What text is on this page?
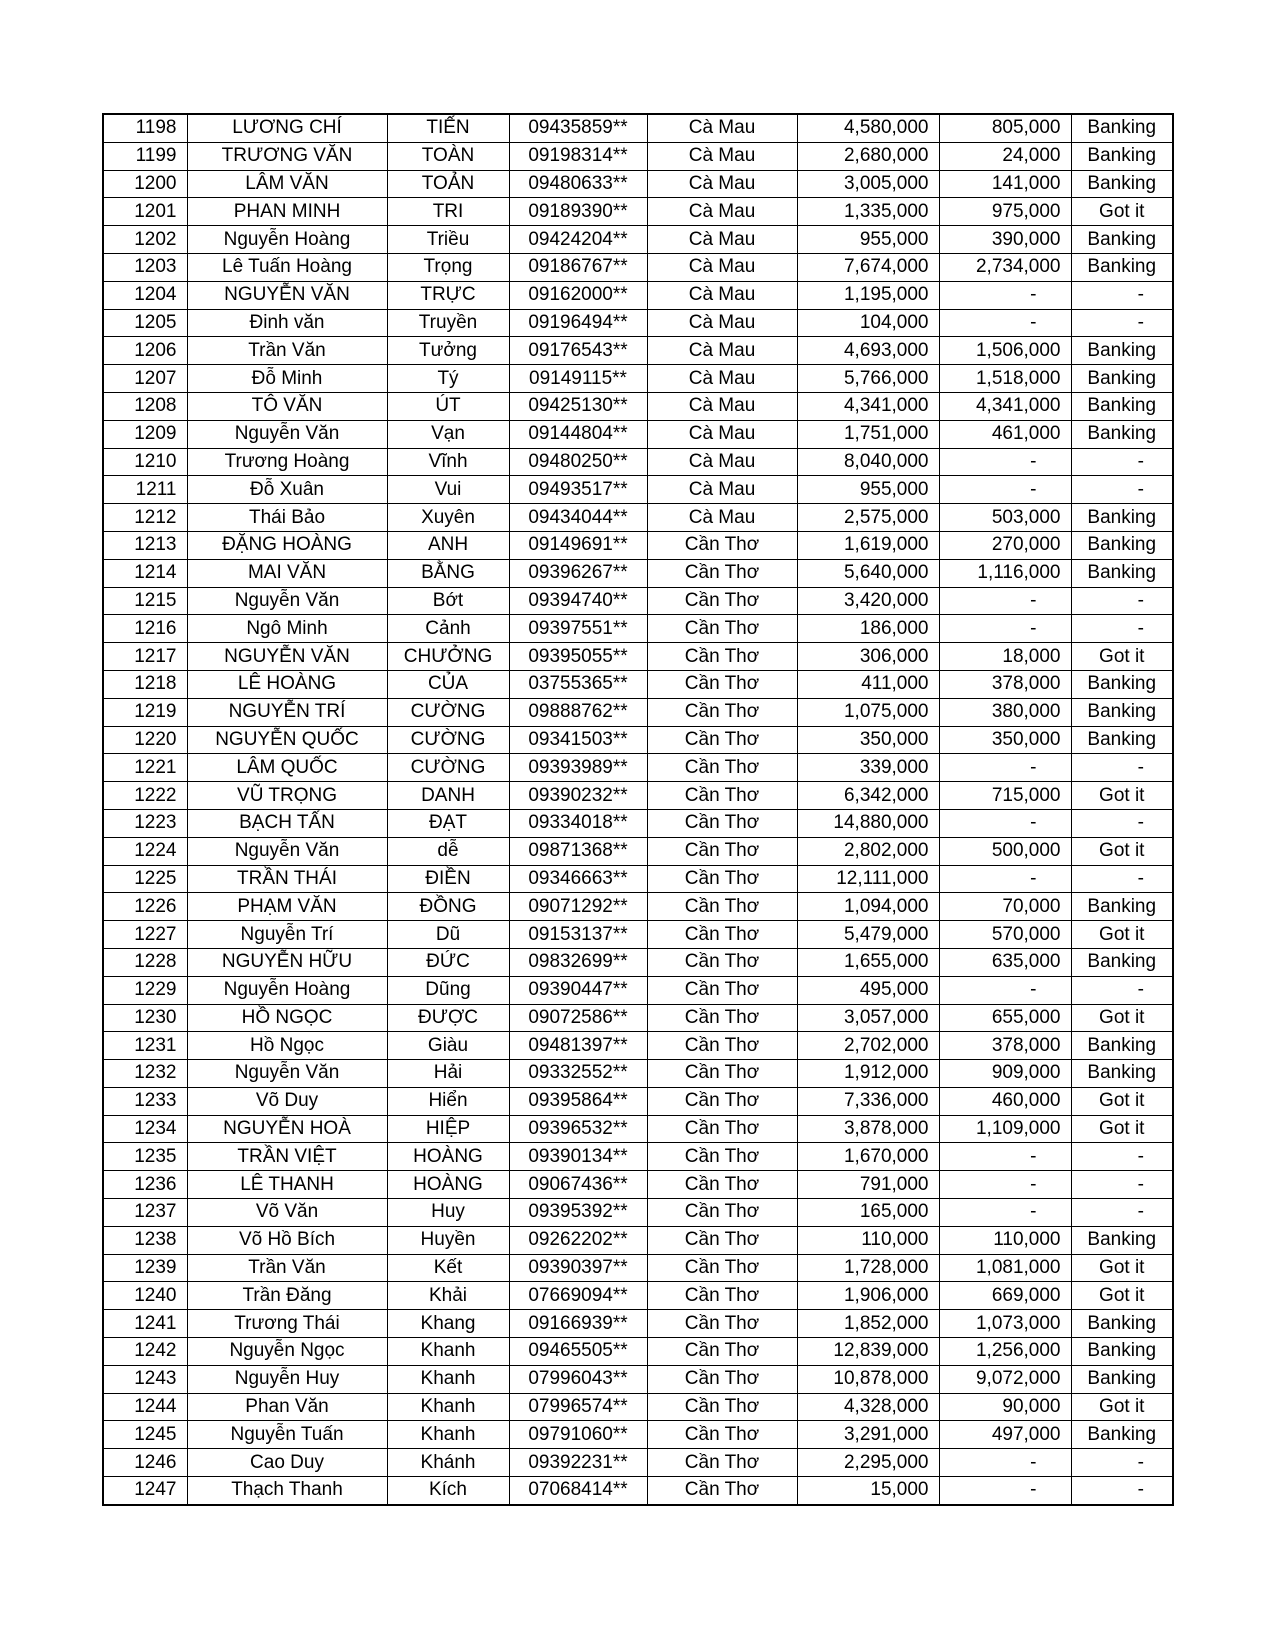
1198	LƯƠNG CHÍ	TIẾN	09435859**	Cà Mau	4,580,000	805,000	Banking
1199	TRƯƠNG VĂN	TOÀN	09198314**	Cà Mau	2,680,000	24,000	Banking
1200	LÂM VĂN	TOẢN	09480633**	Cà Mau	3,005,000	141,000	Banking
1201	PHAN MINH	TRI	09189390**	Cà Mau	1,335,000	975,000	Got it
1202	Nguyễn Hoàng	Triều	09424204**	Cà Mau	955,000	390,000	Banking
1203	Lê Tuấn Hoàng	Trọng	09186767**	Cà Mau	7,674,000	2,734,000	Banking
1204	NGUYỄN VĂN	TRỰC	09162000**	Cà Mau	1,195,000	-	-
1205	Đinh văn	Truyền	09196494**	Cà Mau	104,000	-	-
1206	Trần Văn	Tưởng	09176543**	Cà Mau	4,693,000	1,506,000	Banking
1207	Đỗ Minh	Tý	09149115**	Cà Mau	5,766,000	1,518,000	Banking
1208	TÔ VĂN	ÚT	09425130**	Cà Mau	4,341,000	4,341,000	Banking
1209	Nguyễn Văn	Vạn	09144804**	Cà Mau	1,751,000	461,000	Banking
1210	Trương Hoàng	Vĩnh	09480250**	Cà Mau	8,040,000	-	-
1211	Đỗ Xuân	Vui	09493517**	Cà Mau	955,000	-	-
1212	Thái Bảo	Xuyên	09434044**	Cà Mau	2,575,000	503,000	Banking
1213	ĐẶNG HOÀNG	ANH	09149691**	Cần Thơ	1,619,000	270,000	Banking
1214	MAI VĂN	BẰNG	09396267**	Cần Thơ	5,640,000	1,116,000	Banking
1215	Nguyễn Văn	Bớt	09394740**	Cần Thơ	3,420,000	-	-
1216	Ngô Minh	Cảnh	09397551**	Cần Thơ	186,000	-	-
1217	NGUYỄN VĂN	CHƯỞNG	09395055**	Cần Thơ	306,000	18,000	Got it
1218	LÊ HOÀNG	CỦA	03755365**	Cần Thơ	411,000	378,000	Banking
1219	NGUYỄN TRÍ	CƯỜNG	09888762**	Cần Thơ	1,075,000	380,000	Banking
1220	NGUYỄN QUỐC	CƯỜNG	09341503**	Cần Thơ	350,000	350,000	Banking
1221	LÂM QUỐC	CƯỜNG	09393989**	Cần Thơ	339,000	-	-
1222	VŨ TRỌNG	DANH	09390232**	Cần Thơ	6,342,000	715,000	Got it
1223	BẠCH TẤN	ĐẠT	09334018**	Cần Thơ	14,880,000	-	-
1224	Nguyễn Văn	dễ	09871368**	Cần Thơ	2,802,000	500,000	Got it
1225	TRẦN THÁI	ĐIỀN	09346663**	Cần Thơ	12,111,000	-	-
1226	PHẠM VĂN	ĐỒNG	09071292**	Cần Thơ	1,094,000	70,000	Banking
1227	Nguyễn Trí	Dũ	09153137**	Cần Thơ	5,479,000	570,000	Got it
1228	NGUYỄN HỮU	ĐỨC	09832699**	Cần Thơ	1,655,000	635,000	Banking
1229	Nguyễn Hoàng	Dũng	09390447**	Cần Thơ	495,000	-	-
1230	HỒ NGỌC	ĐƯỢC	09072586**	Cần Thơ	3,057,000	655,000	Got it
1231	Hồ Ngọc	Giàu	09481397**	Cần Thơ	2,702,000	378,000	Banking
1232	Nguyễn Văn	Hải	09332552**	Cần Thơ	1,912,000	909,000	Banking
1233	Võ Duy	Hiển	09395864**	Cần Thơ	7,336,000	460,000	Got it
1234	NGUYỄN HOÀ	HIỆP	09396532**	Cần Thơ	3,878,000	1,109,000	Got it
1235	TRẦN VIỆT	HOÀNG	09390134**	Cần Thơ	1,670,000	-	-
1236	LÊ THANH	HOÀNG	09067436**	Cần Thơ	791,000	-	-
1237	Võ Văn	Huy	09395392**	Cần Thơ	165,000	-	-
1238	Võ Hồ Bích	Huyền	09262202**	Cần Thơ	110,000	110,000	Banking
1239	Trần Văn	Kết	09390397**	Cần Thơ	1,728,000	1,081,000	Got it
1240	Trần Đăng	Khải	07669094**	Cần Thơ	1,906,000	669,000	Got it
1241	Trương Thái	Khang	09166939**	Cần Thơ	1,852,000	1,073,000	Banking
1242	Nguyễn Ngọc	Khanh	09465505**	Cần Thơ	12,839,000	1,256,000	Banking
1243	Nguyễn Huy	Khanh	07996043**	Cần Thơ	10,878,000	9,072,000	Banking
1244	Phan Văn	Khanh	07996574**	Cần Thơ	4,328,000	90,000	Got it
1245	Nguyễn Tuấn	Khanh	09791060**	Cần Thơ	3,291,000	497,000	Banking
1246	Cao Duy	Khánh	09392231**	Cần Thơ	2,295,000	-	-
1247	Thạch Thanh	Kích	07068414**	Cần Thơ	15,000	-	-
